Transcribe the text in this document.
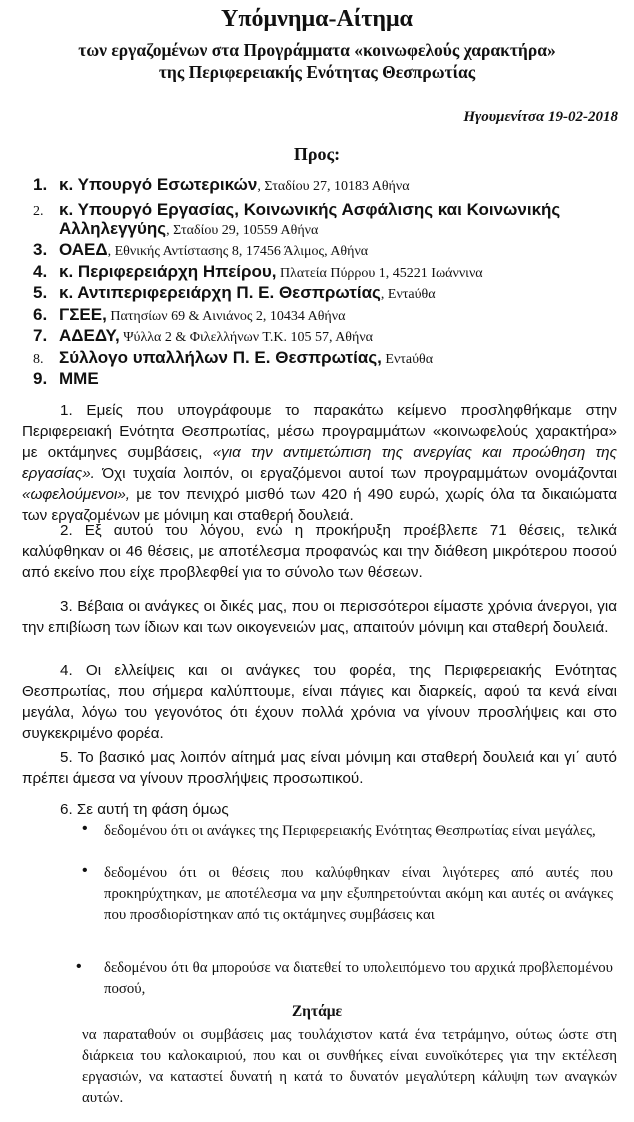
Υπόμνημα-Αίτημα
των εργαζομένων στα Προγράμματα «κοινωφελούς χαρακτήρα»
της Περιφερειακής Ενότητας Θεσπρωτίας
Ηγουμενίτσα 19-02-2018
Προς:
1. κ. Υπουργό Εσωτερικών, Σταδίου 27, 10183 Αθήνα
2. κ. Υπουργό Εργασίας, Κοινωνικής Ασφάλισης και Κοινωνικής
Αλληλεγγύης, Σταδίου 29, 10559 Αθήνα
3. ΟΑΕΔ, Εθνικής Αντίστασης 8, 17456 Άλιμος, Αθήνα
4. κ. Περιφερειάρχη Ηπείρου, Πλατεία Πύρρου 1, 45221 Ιωάννινα
5. κ. Αντιπεριφερειάρχη Π. Ε. Θεσπρωτίας, Εντaύθα
6. ΓΣΕΕ, Πατησίων 69 & Αινιάνος 2, 10434 Αθήνα
7. ΑΔΕΔΥ, Ψύλλα 2 & Φιλελλήνων Τ.Κ. 105 57, Αθήνα
8. Σύλλογο υπαλλήλων Π. Ε. Θεσπρωτίας, Εντaύθα
9. ΜΜΕ
1. Εμείς που υπογράφουμε το παρακάτω κείμενο προσληφθήκαμε στην Περιφερειακή Ενότητα Θεσπρωτίας, μέσω προγραμμάτων «κοινωφελούς χαρακτήρα» με οκτάμηνες συμβάσεις, «για την αντιμετώπιση της ανεργίας και προώθηση της εργασίας». Όχι τυχαία λοιπόν, οι εργαζόμενοι αυτοί των προγραμμάτων ονομάζονται «ωφελούμενοι», με τον πενιχρό μισθό των 420 ή 490 ευρώ, χωρίς όλα τα δικαιώματα των εργαζομένων με μόνιμη και σταθερή δουλειά.
2. Εξ αυτού του λόγου, ενώ η προκήρυξη προέβλεπε 71 θέσεις, τελικά καλύφθηκαν οι 46 θέσεις, με αποτέλεσμα προφανώς και την διάθεση μικρότερου ποσού από εκείνο που είχε προβλεφθεί για το σύνολο των θέσεων.
3. Βέβαια οι ανάγκες οι δικές μας, που οι περισσότεροι είμαστε χρόνια άνεργοι, για την επιβίωση των ίδιων και των οικογενειών μας, απαιτούν μόνιμη και σταθερή δουλειά.
4. Οι ελλείψεις και οι ανάγκες του φορέα, της Περιφερειακής Ενότητας Θεσπρωτίας, που σήμερα καλύπτουμε, είναι πάγιες και διαρκείς, αφού τα κενά είναι μεγάλα, λόγω του γεγονότος ότι έχουν πολλά χρόνια να γίνουν προσλήψεις και στο συγκεκριμένο φορέα.
5. Το βασικό μας λοιπόν αίτημά μας είναι μόνιμη και σταθερή δουλειά και γι΄ αυτό πρέπει άμεσα να γίνουν προσλήψεις προσωπικού.
6. Σε αυτή τη φάση όμως
• δεδομένου ότι οι ανάγκες της Περιφερειακής Ενότητας Θεσπρωτίας είναι μεγάλες,
• δεδομένου ότι οι θέσεις που καλύφθηκαν είναι λιγότερες από αυτές που προκηρύχτηκαν, με αποτέλεσμα να μην εξυπηρετούνται ακόμη και αυτές οι ανάγκες που προσδιορίστηκαν από τις οκτάμηνες συμβάσεις και
• δεδομένου ότι θα μπορούσε να διατεθεί το υπολειπόμενο του αρχικά προβλεπομένου ποσού,
Ζητάμε
να παραταθούν οι συμβάσεις μας τουλάχιστον κατά ένα τετράμηνο, ούτως ώστε στη διάρκεια του καλοκαιριού, που και οι συνθήκες είναι ευνοϊκότερες για την εκτέλεση εργασιών, να καταστεί δυνατή η κατά το δυνατόν μεγαλύτερη κάλυψη των αναγκών αυτών.
